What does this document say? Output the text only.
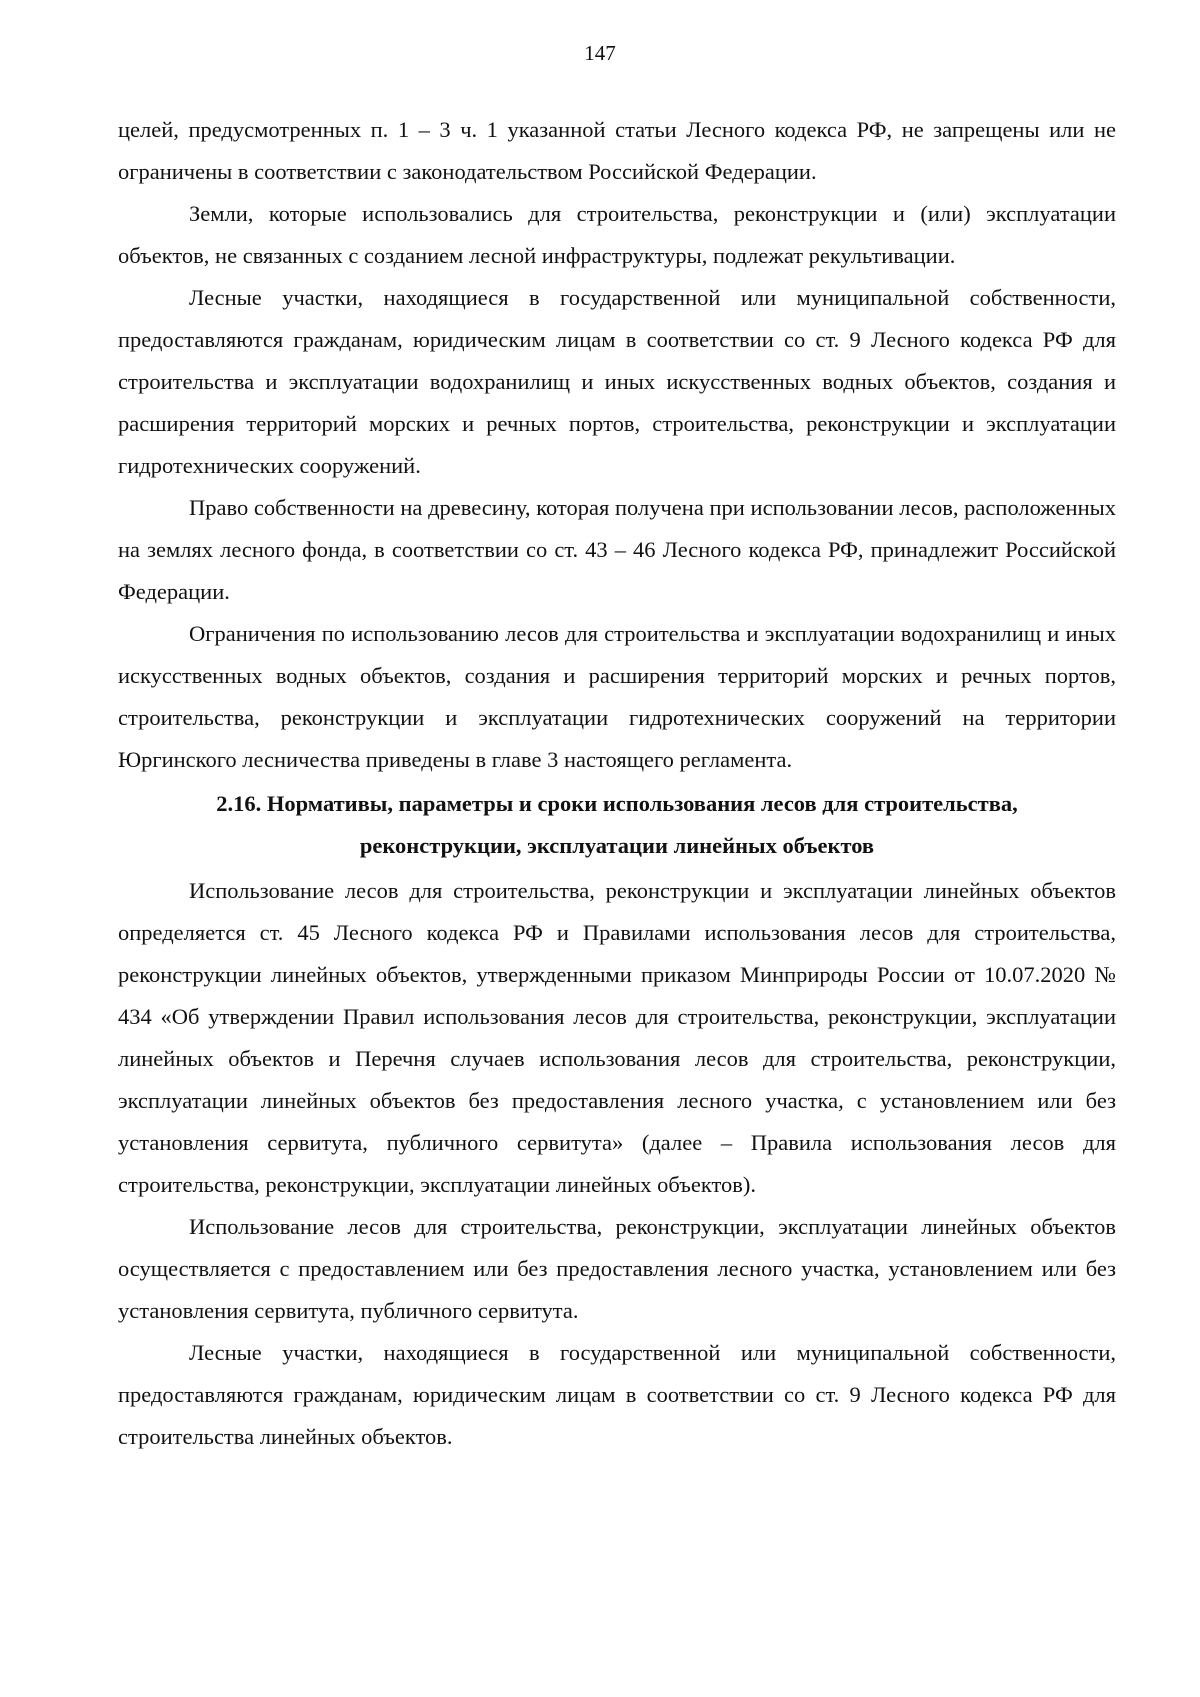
147

целей, предусмотренных п. 1 – 3 ч. 1 указанной статьи Лесного кодекса РФ, не запрещены или не ограничены в соответствии с законодательством Российской Федерации.

Земли, которые использовались для строительства, реконструкции и (или) эксплуатации объектов, не связанных с созданием лесной инфраструктуры, подлежат рекультивации.

Лесные участки, находящиеся в государственной или муниципальной собственности, предоставляются гражданам, юридическим лицам в соответствии со ст. 9 Лесного кодекса РФ для строительства и эксплуатации водохранилищ и иных искусственных водных объектов, создания и расширения территорий морских и речных портов, строительства, реконструкции и эксплуатации гидротехнических сооружений.

Право собственности на древесину, которая получена при использовании лесов, расположенных на землях лесного фонда, в соответствии со ст. 43 – 46 Лесного кодекса РФ, принадлежит Российской Федерации.

Ограничения по использованию лесов для строительства и эксплуатации водохранилищ и иных искусственных водных объектов, создания и расширения территорий морских и речных портов, строительства, реконструкции и эксплуатации гидротехнических сооружений на территории Юргинского лесничества приведены в главе 3 настоящего регламента.

2.16. Нормативы, параметры и сроки использования лесов для строительства,
реконструкции, эксплуатации линейных объектов

Использование лесов для строительства, реконструкции и эксплуатации линейных объектов определяется ст. 45 Лесного кодекса РФ и Правилами использования лесов для строительства, реконструкции линейных объектов, утвержденными приказом Минприроды России от 10.07.2020 № 434 «Об утверждении Правил использования лесов для строительства, реконструкции, эксплуатации линейных объектов и Перечня случаев использования лесов для строительства, реконструкции, эксплуатации линейных объектов без предоставления лесного участка, с установлением или без установления сервитута, публичного сервитута» (далее – Правила использования лесов для строительства, реконструкции, эксплуатации линейных объектов).

Использование лесов для строительства, реконструкции, эксплуатации линейных объектов осуществляется с предоставлением или без предоставления лесного участка, установлением или без установления сервитута, публичного сервитута.

Лесные участки, находящиеся в государственной или муниципальной собственности, предоставляются гражданам, юридическим лицам в соответствии со ст. 9 Лесного кодекса РФ для строительства линейных объектов.
